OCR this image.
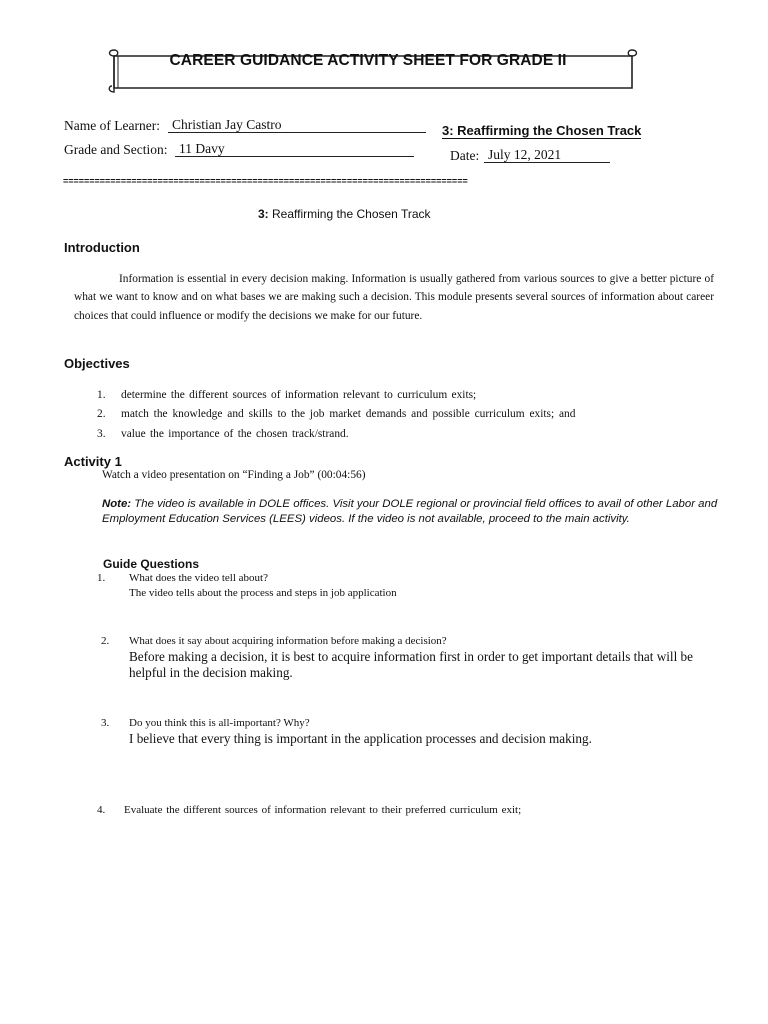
CAREER GUIDANCE ACTIVITY SHEET FOR GRADE II
Name of Learner: Christian Jay Castro	3: Reaffirming the Chosen Track
Grade and Section: 11 Davy	Date: July 12, 2021
=============================================================================
3: Reaffirming the Chosen Track
Introduction
Information is essential in every decision making. Information is usually gathered from various sources to give a better picture of what we want to know and on what bases we are making such a decision. This module presents several sources of information about career choices that could influence or modify the decisions we make for our future.
Objectives
1. determine the different sources of information relevant to curriculum exits;
2. match the knowledge and skills to the job market demands and possible curriculum exits; and
3. value the importance of the chosen track/strand.
Activity 1
Watch a video presentation on “Finding a Job” (00:04:56)
Note: The video is available in DOLE offices. Visit your DOLE regional or provincial field offices to avail of other Labor and Employment Education Services (LEES) videos. If the video is not available, proceed to the main activity.
Guide Questions
1. What does the video tell about?
The video tells about the process and steps in job application
2. What does it say about acquiring information before making a decision?
Before making a decision, it is best to acquire information first in order to get important details that will be helpful in the decision making.
3. Do you think this is all-important? Why?
I believe that every thing is important in the application processes and decision making.
4. Evaluate the different sources of information relevant to their preferred curriculum exit;
